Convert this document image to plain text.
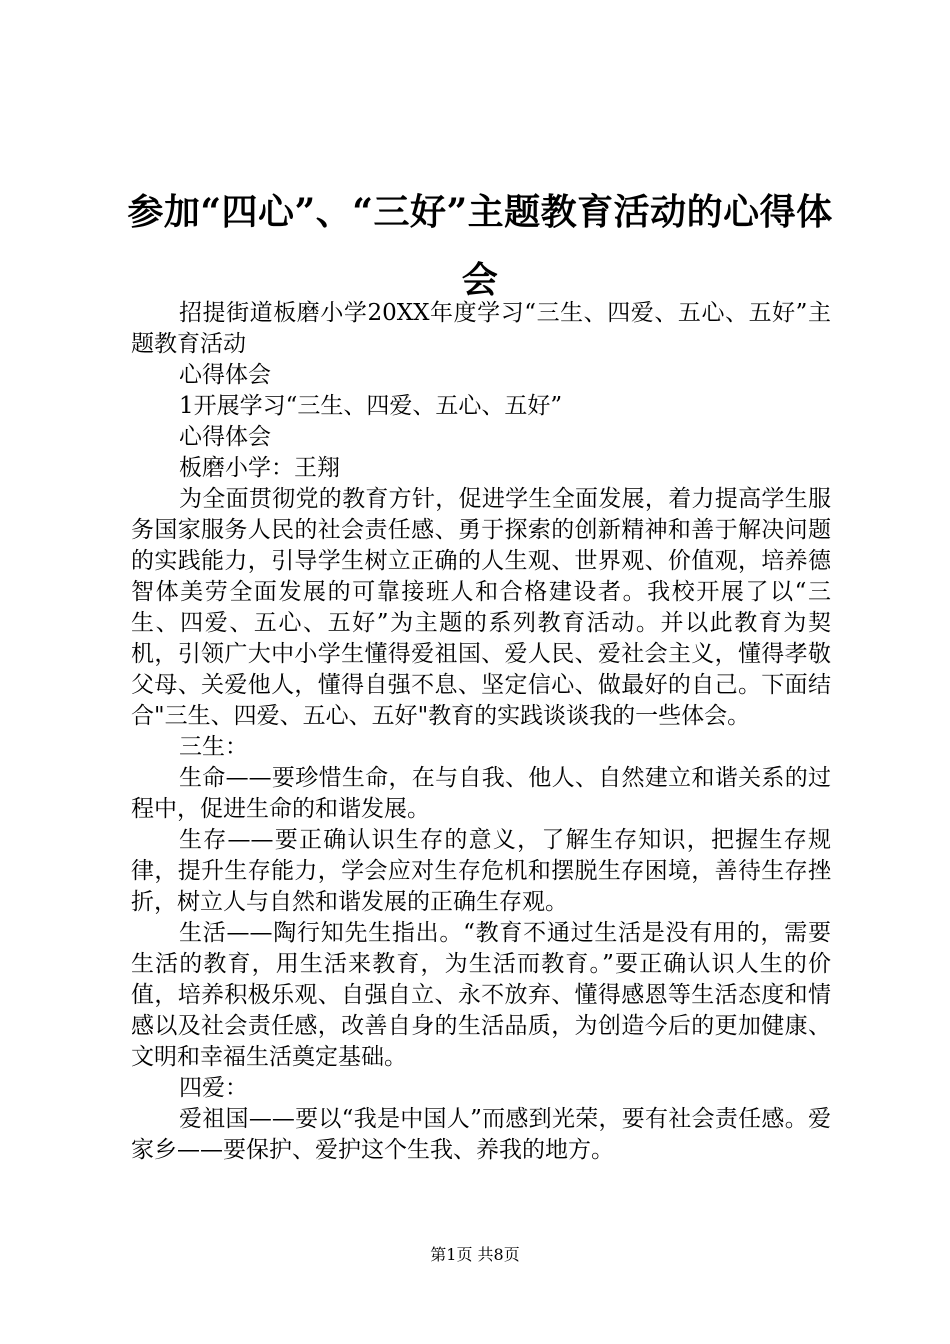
参加“四心”、“三好”主题教育活动的心得体会

招提街道板磨小学20XX年度学习“三生、四爱、五心、五好”主题教育活动

心得体会

1开展学习“三生、四爱、五心、五好”

心得体会

板磨小学：王翔

为全面贯彻党的教育方针，促进学生全面发展，着力提高学生服务国家服务人民的社会责任感、勇于探索的创新精神和善于解决问题的实践能力，引导学生树立正确的人生观、世界观、价值观，培养德智体美劳全面发展的可靠接班人和合格建设者。我校开展了以“三生、四爱、五心、五好”为主题的系列教育活动。并以此教育为契机，引领广大中小学生懂得爱祖国、爱人民、爱社会主义，懂得孝敬父母、关爱他人，懂得自强不息、坚定信心、做最好的自己。下面结合"三生、四爱、五心、五好"教育的实践谈谈我的一些体会。

三生：

生命——要珍惜生命，在与自我、他人、自然建立和谐关系的过程中，促进生命的和谐发展。

生存——要正确认识生存的意义，了解生存知识，把握生存规律，提升生存能力，学会应对生存危机和摆脱生存困境，善待生存挫折，树立人与自然和谐发展的正确生存观。

生活——陶行知先生指出。“教育不通过生活是没有用的，需要生活的教育，用生活来教育，为生活而教育。”要正确认识人生的价值，培养积极乐观、自强自立、永不放弃、懂得感恩等生活态度和情感以及社会责任感，改善自身的生活品质，为创造今后的更加健康、文明和幸福生活奠定基础。

四爱：

爱祖国——要以“我是中国人”而感到光荣，要有社会责任感。爱家乡——要保护、爱护这个生我、养我的地方。

第1页 共8页
